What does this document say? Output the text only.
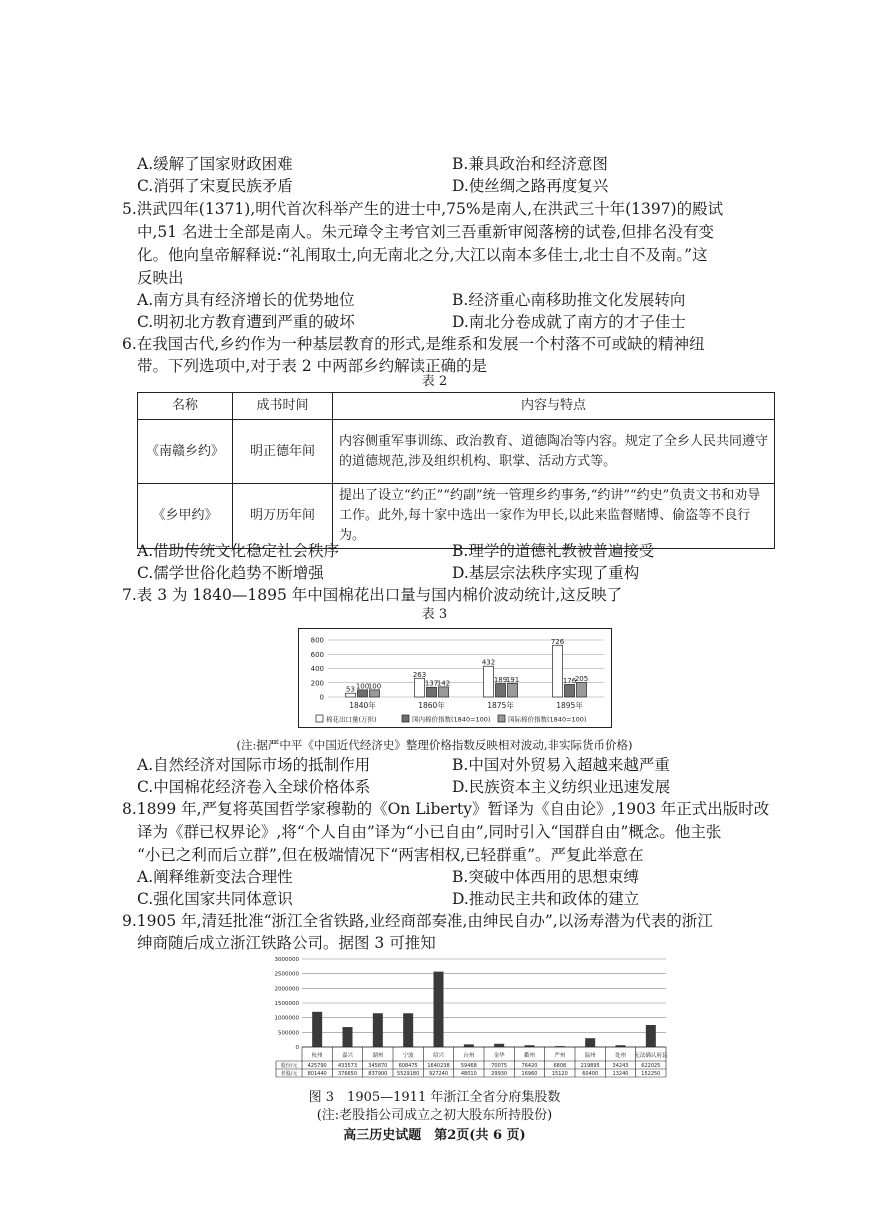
A.缓解了国家财政困难	B.兼具政治和经济意图
C.消弭了宋夏民族矛盾	D.使丝绸之路再度复兴
5.洪武四年(1371),明代首次科举产生的进士中,75%是南人,在洪武三十年(1397)的殿试
中,51 名进士全部是南人。朱元璋令主考官刘三吾重新审阅落榜的试卷,但排名没有变
化。他向皇帝解释说:“礼闱取士,向无南北之分,大江以南本多佳士,北士自不及南。”这
反映出
A.南方具有经济增长的优势地位	B.经济重心南移助推文化发展转向
C.明初北方教育遭到严重的破坏	D.南北分卷成就了南方的才子佳士
6.在我国古代,乡约作为一种基层教育的形式,是维系和发展一个村落不可或缺的精神纽
带。下列选项中,对于表 2 中两部乡约解读正确的是
表 2
名称	成书时间	内容与特点
《南赣乡约》	明正德年间	内容侧重军事训练、政治教育、道德陶冶等内容。规定了全乡人民共同遵守的道德规范,涉及组织机构、职掌、活动方式等。
《乡甲约》	明万历年间	提出了设立“约正”“约副”统一管理乡约事务,“约讲”“约史”负责文书和劝导工作。此外,每十家中选出一家作为甲长,以此来监督赌博、偷盗等不良行为。
A.借助传统文化稳定社会秩序	B.理学的道德礼教被普遍接受
C.儒学世俗化趋势不断增强	D.基层宗法秩序实现了重构
7.表 3 为 1840—1895 年中国棉花出口量与国内棉价波动统计,这反映了
表 3
800
600
400
200
0
53 100
100
263
137
142
432
189
191
726
176
205
1840年	1860年	1875年	1895年
棉花出口量(万担)	国内棉价指数(1840=100)	国际棉价指数(1840=100)
(注:据严中平《中国近代经济史》整理价格指数反映相对波动,非实际货币价格)
A.自然经济对国际市场的抵制作用	B.中国对外贸易入超越来越严重
C.中国棉花经济卷入全球价格体系	D.民族资本主义纺织业迅速发展
8.1899 年,严复将英国哲学家穆勒的《On Liberty》暂译为《自由论》,1903 年正式出版时改
译为《群已权界论》,将“个人自由”译为“小已自由”,同时引入“国群自由”概念。他主张
“小已之利而后立群”,但在极端情况下“两害相权,已轻群重”。严复此举意在
A.阐释维新变法合理性	B.突破中体西用的思想束缚
C.强化国家共同体意识	D.推动民主共和政体的建立
9.1905 年,清廷批准“浙江全省铁路,业经商部奏准,由绅民自办”,以汤寿潜为代表的浙江
绅商随后成立浙江铁路公司。据图 3 可推知
3000000
2500000
2000000
1500000
1000000
500000
0
杭州	嘉兴	湖州	宁波	绍兴	台州	金华	衢州	严州	温州	处州 无法确认府县
股份/元 425790 433573 345870 608475 1640238 59468	70075	76420	6808	219895	34243	622025
老股/元 801440 376650 837900 5529180 927240	48010	29930	16960	15120	60400	13240	152250
图 3　1905—1911 年浙江全省分府集股数
(注:老股指公司成立之初大股东所持股份)
高三历史试题　第2页(共 6 页)
